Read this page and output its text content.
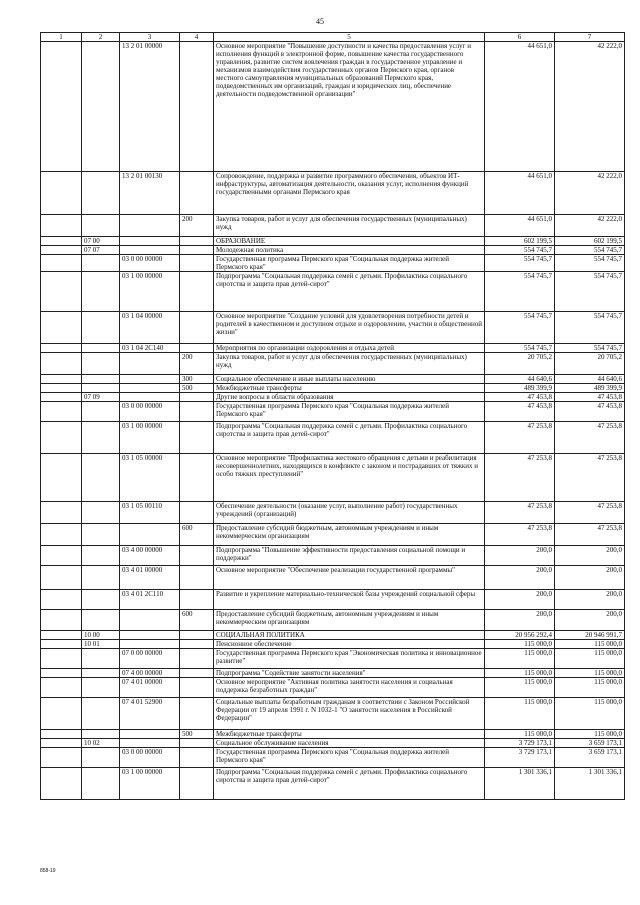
45
1	2	3	4	5	6	7
		13 2 01 00000		Основное мероприятие "Повышение доступности и качества предоставления услуг и исполнения функций в электронной форме, повышение качества государственного управления, развитие систем вовлечения граждан в государственное управление и механизмов взаимодействия государственных органов Пермского края, органов местного самоуправления муниципальных образований Пермского края, подведомственных им организаций, граждан и юридических лиц, обеспечение деятельности подведомственной организации"	44 651,0	42 222,0
		13 2 01 00130		Сопровождение, поддержка и развитие программного обеспечения, объектов ИТ-инфраструктуры, автоматизация деятельности, оказания услуг, исполнения функций государственными органами Пермского края	44 651,0	42 222,0
			200	Закупка товаров, работ и услуг для обеспечения государственных (муниципальных) нужд	44 651,0	42 222,0
	07 00			ОБРАЗОВАНИЕ	602 199,5	602 199,5
	07 07			Молодежная политика	554 745,7	554 745,7
		03 0 00 00000		Государственная программа Пермского края "Социальная поддержка жителей Пермского края"	554 745,7	554 745,7
		03 1 00 00000		Подпрограмма "Социальная поддержка семей с детьми. Профилактика социального сиротства и защита прав детей-сирот"	554 745,7	554 745,7
		03 1 04 00000		Основное мероприятие "Создание условий для удовлетворения потребности детей и родителей в качественном и доступном отдыхе и оздоровлении, участии в общественной жизни"	554 745,7	554 745,7
		03 1 04 2С140		Мероприятия по организации оздоровления и отдыха детей	554 745,7	554 745,7
			200	Закупка товаров, работ и услуг для обеспечения государственных (муниципальных) нужд	20 705,2	20 705,2
			300	Социальное обеспечение и иные выплаты населению	44 640,6	44 640,6
			500	Межбюджетные трансферты	489 399,9	489 399,9
	07 09			Другие вопросы в области образования	47 453,8	47 453,8
		03 0 00 00000		Государственная программа Пермского края "Социальная поддержка жителей Пермского края"	47 453,8	47 453,8
		03 1 00 00000		Подпрограмма "Социальная поддержка семей с детьми. Профилактика социального сиротства и защита прав детей-сирот"	47 253,8	47 253,8
		03 1 05 00000		Основное мероприятие "Профилактика жестокого обращения с детьми и реабилитация несовершеннолетних, находящихся в конфликте с законом и пострадавших от тяжких и особо тяжких преступлений"	47 253,8	47 253,8
		03 1 05 00110		Обеспечение деятельности (оказание услуг, выполнение работ) государственных учреждений (организаций)	47 253,8	47 253,8
			600	Предоставление субсидий бюджетным, автономным учреждениям и иным некоммерческим организациям	47 253,8	47 253,8
		03 4 00 00000		Подпрограмма "Повышение эффективности предоставления социальной помощи и поддержки"	200,0	200,0
		03 4 01 00000		Основное мероприятие "Обеспечение реализации государственной программы"	200,0	200,0
		03 4 01 2С110		Развитие и укрепление материально-технической базы учреждений социальной сферы	200,0	200,0
			600	Предоставление субсидий бюджетным, автономным учреждениям и иным некоммерческим организациям	200,0	200,0
	10 00			СОЦИАЛЬНАЯ ПОЛИТИКА	20 956 292,4	20 946 991,7
	10 01			Пенсионное обеспечение	115 000,0	115 000,0
		07 0 00 00000		Государственная программа Пермского края "Экономическая политика и инновационное развитие"	115 000,0	115 000,0
		07 4 00 00000		Подпрограмма "Содействие занятости населения"	115 000,0	115 000,0
		07 4 01 00000		Основное мероприятие "Активная политика занятости населения и социальная поддержка безработных граждан"	115 000,0	115 000,0
		07 4 01 52900		Социальные выплаты безработным гражданам в соответствии с Законом Российской Федерации от 19 апреля 1991 г. N 1032-1 "О занятости населения в Российской Федерации"	115 000,0	115 000,0
			500	Межбюджетные трансферты	115 000,0	115 000,0
	10 02			Социальное обслуживание населения	3 729 173,1	3 659 173,1
		03 0 00 00000		Государственная программа Пермского края "Социальная поддержка жителей Пермского края"	3 729 173,1	3 659 173,1
		03 1 00 00000		Подпрограмма "Социальная поддержка семей с детьми. Профилактика социального сиротства и защита прав детей-сирот"	1 301 336,1	1 301 336,1
858-19
